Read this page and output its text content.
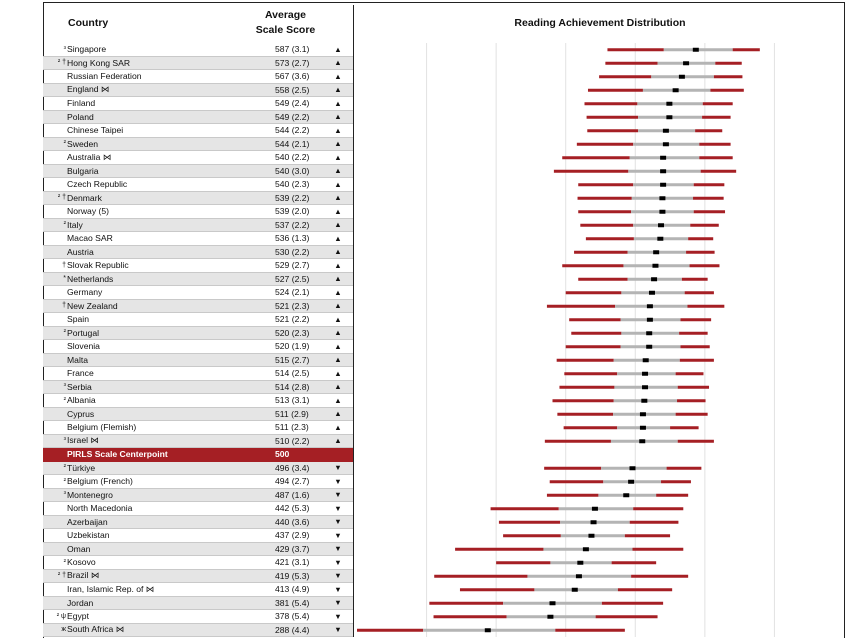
Country
Average
Scale Score
Reading Achievement Distribution
³ Singapore	587 (3.1)	▲
² † Hong Kong SAR	573 (2.7)	▲
Russian Federation	567 (3.6)	▲
England ⋈	558 (2.5)	▲
Finland	549 (2.4)	▲
Poland	549 (2.2)	▲
Chinese Taipei	544 (2.2)	▲
² Sweden	544 (2.1)	▲
Australia ⋈	540 (2.2)	▲
Bulgaria	540 (3.0)	▲
Czech Republic	540 (2.3)	▲
² † Denmark	539 (2.2)	▲
Norway (5)	539 (2.0)	▲
² Italy	537 (2.2)	▲
Macao SAR	536 (1.3)	▲
Austria	530 (2.2)	▲
† Slovak Republic	529 (2.7)	▲
* Netherlands	527 (2.5)	▲
Germany	524 (2.1)	▲
† New Zealand	521 (2.3)	▲
Spain	521 (2.2)	▲
² Portugal	520 (2.3)	▲
Slovenia	520 (1.9)	▲
Malta	515 (2.7)	▲
France	514 (2.5)	▲
³ Serbia	514 (2.8)	▲
² Albania	513 (3.1)	▲
Cyprus	511 (2.9)	▲
Belgium (Flemish)	511 (2.3)	▲
³ Israel ⋈	510 (2.2)	▲
PIRLS Scale Centerpoint	500
² Türkiye	496 (3.4)	▼
² Belgium (French)	494 (2.7)	▼
³ Montenegro	487 (1.6)	▼
North Macedonia	442 (5.3)	▼
Azerbaijan	440 (3.6)	▼
Uzbekistan	437 (2.9)	▼
Oman	429 (3.7)	▼
² Kosovo	421 (3.1)	▼
² † Brazil ⋈	419 (5.3)	▼
Iran, Islamic Rep. of ⋈	413 (4.9)	▼
Jordan	381 (5.4)	▼
² ψ Egypt	378 (5.4)	▼
ж South Africa ⋈	288 (4.4)	▼
